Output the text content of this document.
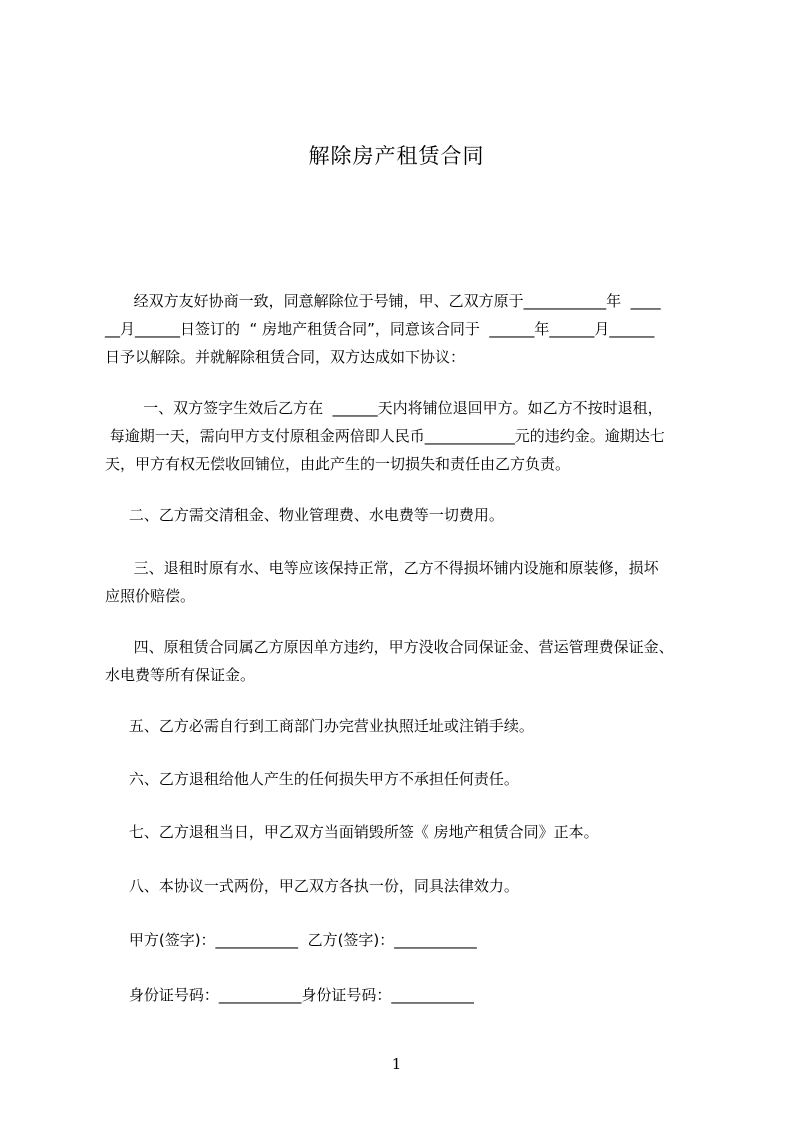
解除房产租赁合同
经双方友好协商一致，同意解除位于号铺，甲、乙双方原于___________年  ____
__月______日签订的  “ 房地产租赁合同”，同意该合同于  ______年______月______
日予以解除。并就解除租赁合同，双方达成如下协议：
一、双方签字生效后乙方在  ______天内将铺位退回甲方。如乙方不按时退租，
每逾期一天，需向甲方支付原租金两倍即人民币____________元的违约金。逾期达七
天，甲方有权无偿收回铺位，由此产生的一切损失和责任由乙方负责。
二、乙方需交清租金、物业管理费、水电费等一切费用。
三、退租时原有水、电等应该保持正常，乙方不得损坏铺内设施和原装修，损坏
应照价赔偿。
四、原租赁合同属乙方原因单方违约，甲方没收合同保证金、营运管理费保证金、
水电费等所有保证金。
五、乙方必需自行到工商部门办完营业执照迁址或注销手续。
六、乙方退租给他人产生的任何损失甲方不承担任何责任。
七、乙方退租当日，甲乙双方当面销毁所签《 房地产租赁合同》正本。
八、本协议一式两份，甲乙双方各执一份，同具法律效力。
甲方(签字)：___________  乙方(签字)：___________
身份证号码：___________身份证号码：___________
1
